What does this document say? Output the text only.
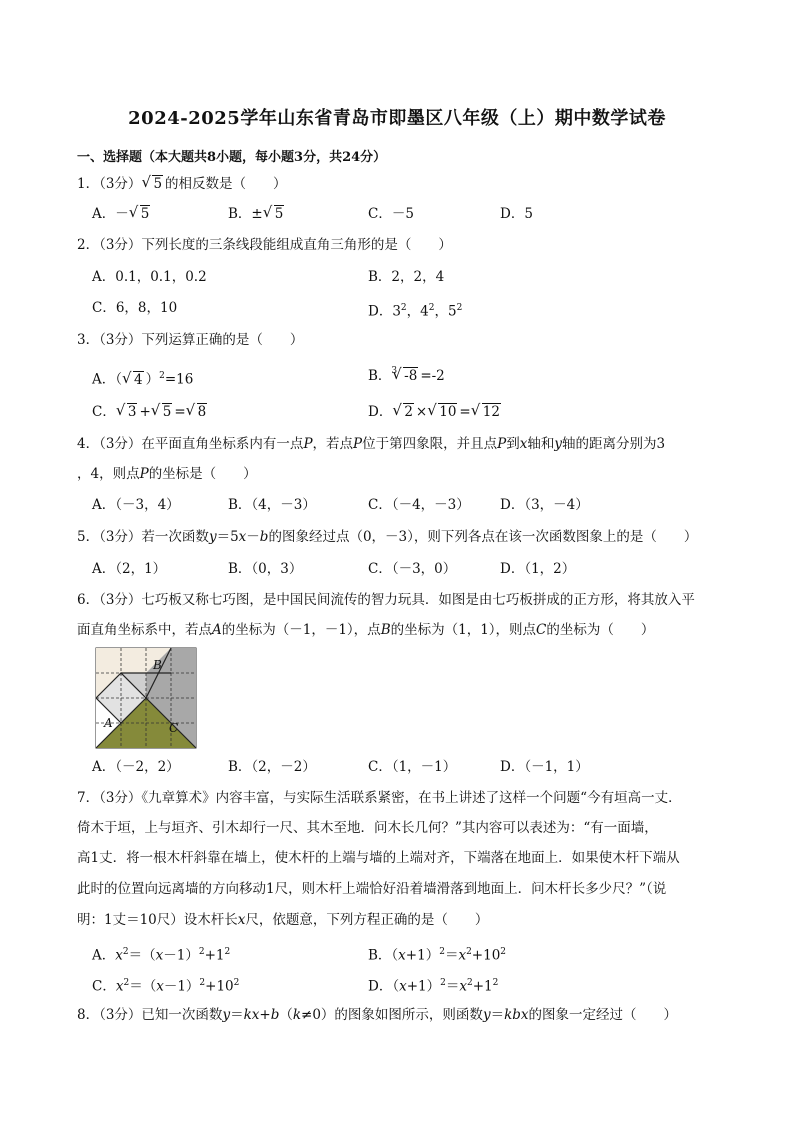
2024-2025学年山东省青岛市即墨区八年级（上）期中数学试卷
一、选择题（本大题共8小题，每小题3分，共24分）
1．（3分） √ 5 的相反数是（　　）
A．－ √ 5	B．± √ 5	C．－5	D．5
2．（3分）下列长度的三条线段能组成直角三角形的是（　　）
A．0.1，0.1，0.2	B．2，2，4
C．6，8，10	D．$3^2$，$4^2$，$5^2$
3．（3分）下列运算正确的是（　　）
A．（ √ 4 ）$^2$=16	B．$^3$ √ -8 =-2
C． √ 3 + √ 5 = √ 8	D． √ 2 × √ 10 = √ 12
4．（3分）在平面直角坐标系内有一点P，若点P位于第四象限，并且点P到x轴和y轴的距离分别为3
，4，则点P的坐标是（　　）
A．（－3，4）	B．（4，－3）	C．（－4，－3） D．（3，－4）
5．（3分）若一次函数y＝5x－b的图象经过点（0，－3），则下列各点在该一次函数图象上的是（　　）
A．（2，1）	B．（0，3）	C．（－3，0）	D．（1，2）
6．（3分）七巧板又称七巧图，是中国民间流传的智力玩具．如图是由七巧板拼成的正方形，将其放入平
面直角坐标系中，若点A的坐标为（－1，－1），点B的坐标为（1，1），则点C的坐标为（　　）
B
A	C
A．（－2，2）	B．（2，－2）	C．（1，－1）	D．（－1，1）
7．（3分）《九章算术》内容丰富，与实际生活联系紧密，在书上讲述了这样一个问题“今有垣高一丈．
倚木于垣，上与垣齐、引木却行一尺、其木至地．问木长几何？”其内容可以表述为：“有一面墙，
高1丈．将一根木杆斜靠在墙上，使木杆的上端与墙的上端对齐，下端落在地面上．如果使木杆下端从
此时的位置向远离墙的方向移动1尺，则木杆上端恰好沿着墙滑落到地面上．问木杆长多少尺？”（说
明：1丈＝10尺）设木杆长x尺，依题意，下列方程正确的是（　　）
A．$x^2=(x-1)^2+1^2$	B．$(x+1)^2=x^2+10^2$
C．$x^2=(x-1)^2+10^2$	D．$(x+1)^2=x^2+1^2$
8．（3分）已知一次函数y＝kx+b（k≠0）的图象如图所示，则函数y＝kbx的图象一定经过（　　）
